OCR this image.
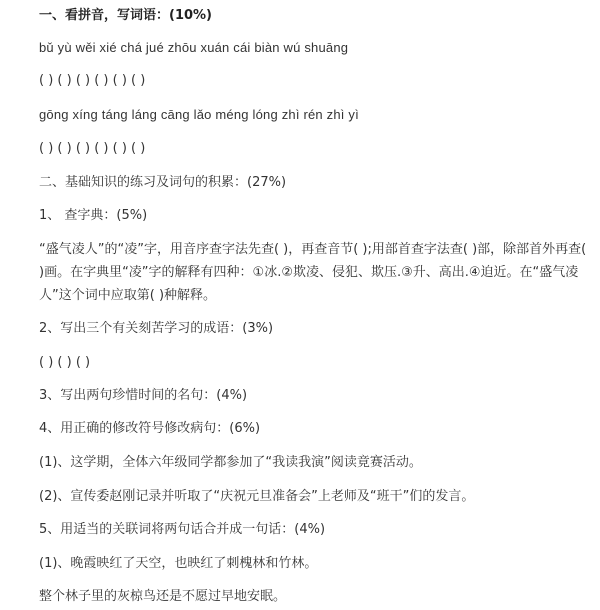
一、看拼音，写词语：(10%)
bǔ yù wěi xié chá jué zhōu xuán cái biàn wú shuāng
( ) ( ) ( ) ( ) ( ) ( )
gōng xíng táng láng cāng lǎo méng lóng zhì rén zhì yì
( ) ( ) ( ) ( ) ( ) ( )
二、基础知识的练习及词句的积累：(27%)
1、 查字典：(5%)
“盛气凌人”的“凌”字，用音序查字法先查( )，再查音节( );用部首查字法查( )部，除部首外再查(
)画。在字典里“凌”字的解释有四种：①冰.②欺凌、侵犯、欺压.③升、高出.④迫近。在“盛气凌
人”这个词中应取第( )种解释。
2、写出三个有关刻苦学习的成语：(3%)
( ) ( ) ( )
3、写出两句珍惜时间的名句：(4%)
4、用正确的修改符号修改病句：(6%)
(1)、这学期，全体六年级同学都参加了“我读我演”阅读竟赛活动。
(2)、宣传委赵刚记录并听取了“庆祝元旦准备会”上老师及“班干”们的发言。
5、用适当的关联词将两句话合并成一句话：(4%)
(1)、晚霞映红了天空，也映红了刺槐林和竹林。
整个林子里的灰椋鸟还是不愿过早地安眠。
